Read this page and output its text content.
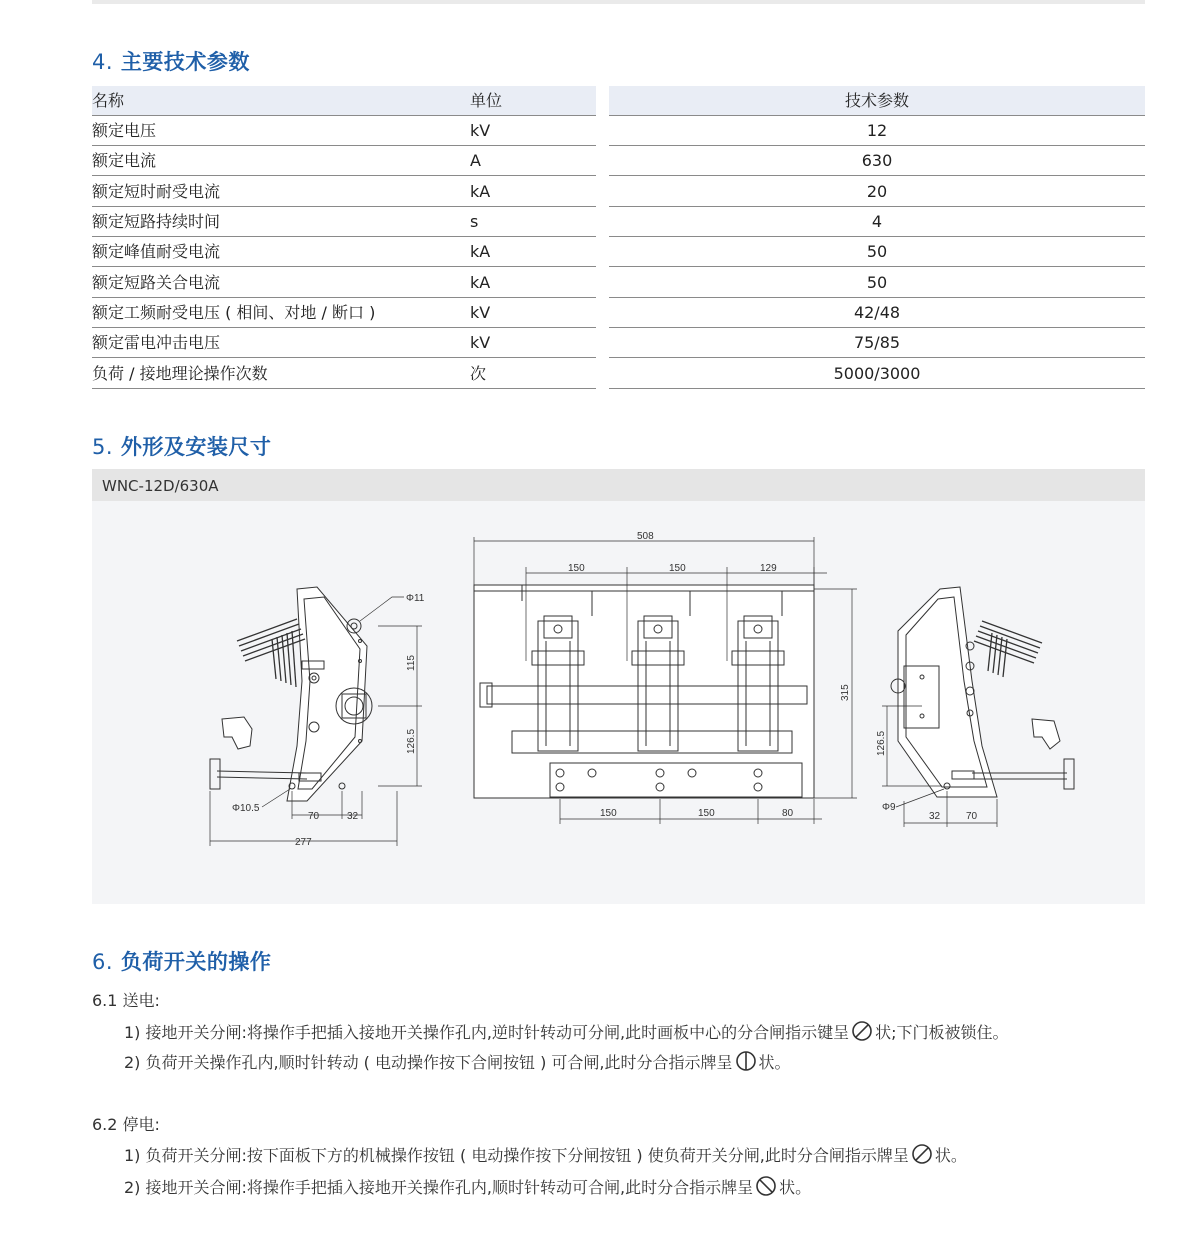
4. 主要技术参数
名称	单位	技术参数
额定电压	kV	12
额定电流	A	630
额定短时耐受电流	kA	20
额定短路持续时间	s	4
额定峰值耐受电流	kA	50
额定短路关合电流	kA	50
额定工频耐受电压 ( 相间、对地 / 断口 )	kV	42/48
额定雷电冲击电压	kV	75/85
负荷 / 接地理论操作次数	次	5000/3000
5. 外形及安装尺寸
WNC-12D/630A
Φ11
115
126.5
Φ10.5
70	32
277
508
150	150	129
315
150	150	80
126.5
Φ9
32	70
6. 负荷开关的操作
6.1 送电:
1) 接地开关分闸:将操作手把插入接地开关操作孔内,逆时针转动可分闸,此时画板中心的分合闸指示键呈 状;下门板被锁住。
2) 负荷开关操作孔内,顺时针转动 ( 电动操作按下合闸按钮 ) 可合闸,此时分合指示牌呈 状。
6.2 停电:
1) 负荷开关分闸:按下面板下方的机械操作按钮 ( 电动操作按下分闸按钮 ) 使负荷开关分闸,此时分合闸指示牌呈 状。
2) 接地开关合闸:将操作手把插入接地开关操作孔内,顺时针转动可合闸,此时分合指示牌呈 状。
